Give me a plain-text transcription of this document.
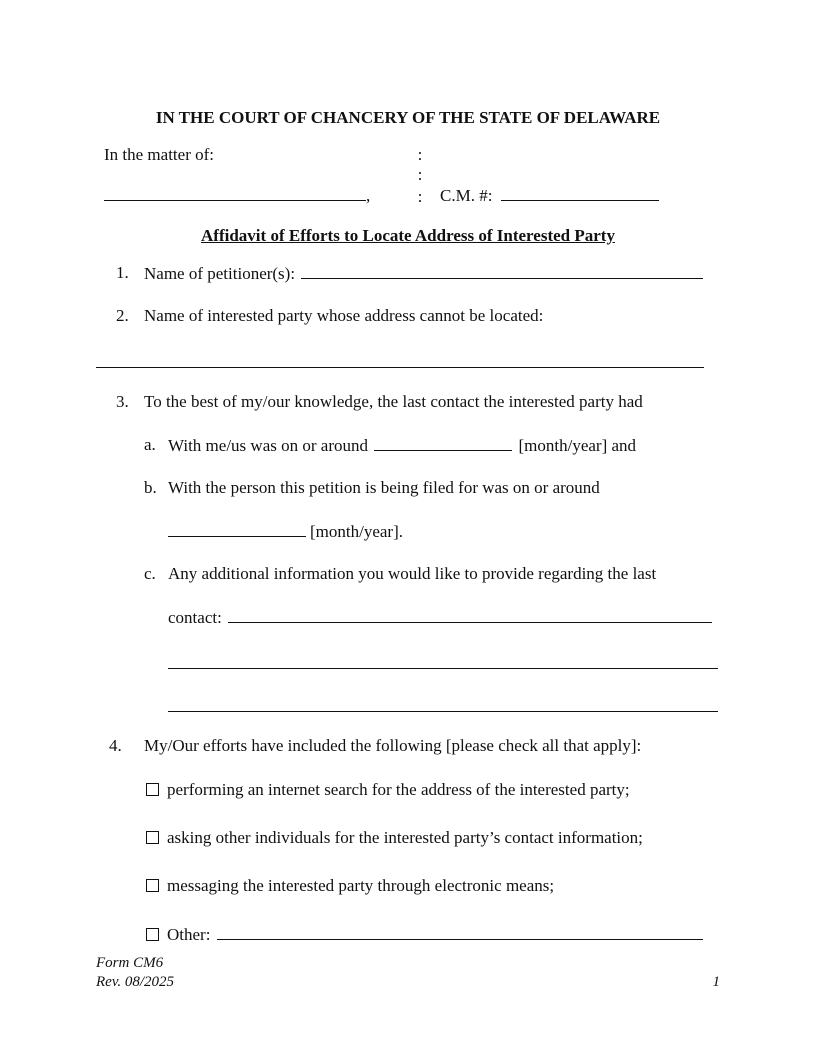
IN THE COURT OF CHANCERY OF THE STATE OF DELAWARE
In the matter of:	:
:
:
,	C.M. #:
Affidavit of Efforts to Locate Address of Interested Party
1. Name of petitioner(s):
2. Name of interested party whose address cannot be located:
3. To the best of my/our knowledge, the last contact the interested party had
a. With me/us was on or around	[month/year] and
b. With the person this petition is being filed for was on or around
[month/year].
c. Any additional information you would like to provide regarding the last
contact:
4. My/Our efforts have included the following [please check all that apply]:
performing an internet search for the address of the interested party;
asking other individuals for the interested party’s contact information;
messaging the interested party through electronic means;
Other:
Form CM6
Rev. 08/2025	1
